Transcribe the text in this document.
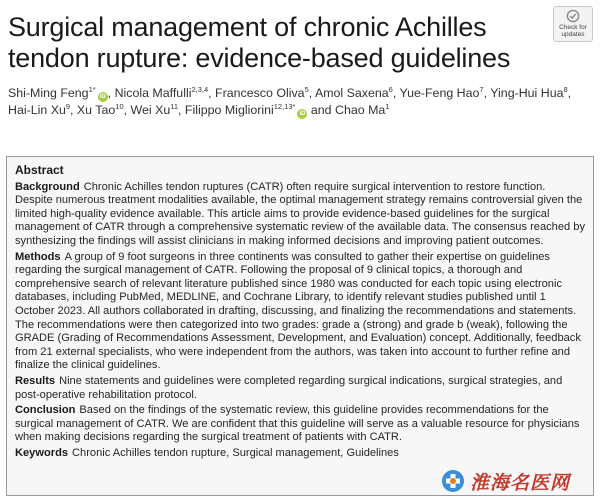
Surgical management of chronic Achilles tendon rupture: evidence-based guidelines
Check for
updates
Shi-Ming Feng$^{1*}$iD , Nicola Maffulli$^{2,3,4}$, Francesco Oliva$^5$, Amol Saxena$^6$, Yue-Feng Hao$^7$, Ying-Hui Hua$^8$, Hai-Lin Xu$^9$, Xu Tao$^{10}$, Wei Xu$^{11}$, Filippo Migliorini$^{12,13*}$iD and Chao Ma$^1$
Abstract

Background Chronic Achilles tendon ruptures (CATR) often require surgical intervention to restore function. Despite numerous treatment modalities available, the optimal management strategy remains controversial given the limited high-quality evidence available. This article aims to provide evidence-based guidelines for the surgical management of CATR through a comprehensive systematic review of the available data. The consensus reached by synthesizing the findings will assist clinicians in making informed decisions and improving patient outcomes.

Methods A group of 9 foot surgeons in three continents was consulted to gather their expertise on guidelines regarding the surgical management of CATR. Following the proposal of 9 clinical topics, a thorough and comprehensive search of relevant literature published since 1980 was conducted for each topic using electronic databases, including PubMed, MEDLINE, and Cochrane Library, to identify relevant studies published until 1 October 2023. All authors collaborated in drafting, discussing, and finalizing the recommendations and statements. The recommendations were then categorized into two grades: grade a (strong) and grade b (weak), following the GRADE (Grading of Recommendations Assessment, Development, and Evaluation) concept. Additionally, feedback from 21 external specialists, who were independent from the authors, was taken into account to further refine and finalize the clinical guidelines.

Results Nine statements and guidelines were completed regarding surgical indications, surgical strategies, and post-operative rehabilitation protocol.

Conclusion Based on the findings of the systematic review, this guideline provides recommendations for the surgical management of CATR. We are confident that this guideline will serve as a valuable resource for physicians when making decisions regarding the surgical treatment of patients with CATR.

Keywords Chronic Achilles tendon rupture, Surgical management, Guidelines

淮海名医网
